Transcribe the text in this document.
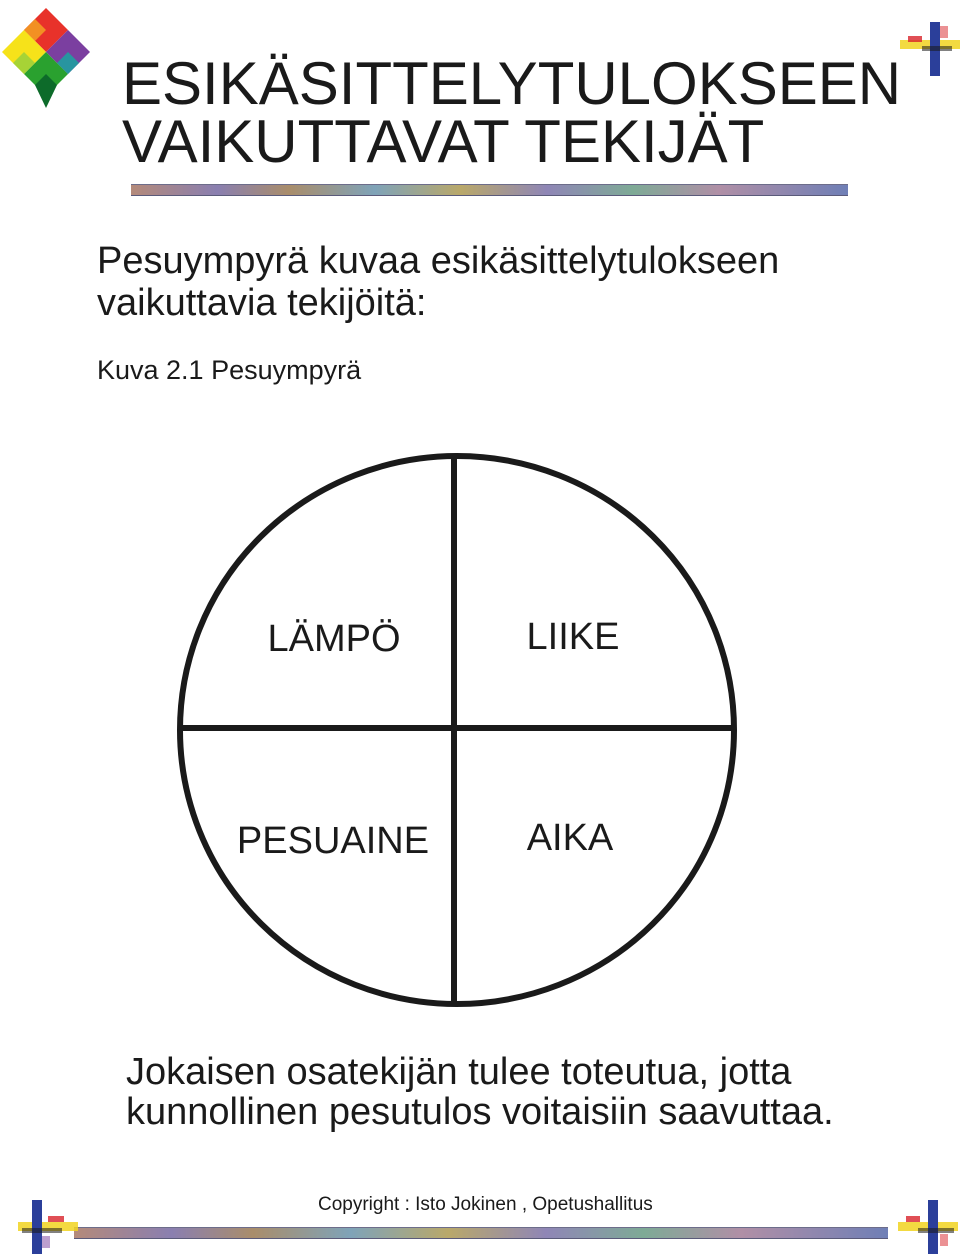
ESIKÄSITTELYTULOKSEEN
VAIKUTTAVAT TEKIJÄT
Pesuympyrä kuvaa esikäsittelytulokseen
vaikuttavia tekijöitä:
Kuva 2.1 Pesuympyrä
LÄMPÖ	LIIKE
PESUAINE	AIKA
Jokaisen osatekijän tulee toteutua, jotta
kunnollinen pesutulos voitaisiin saavuttaa.
Copyright : Isto Jokinen , Opetushallitus
